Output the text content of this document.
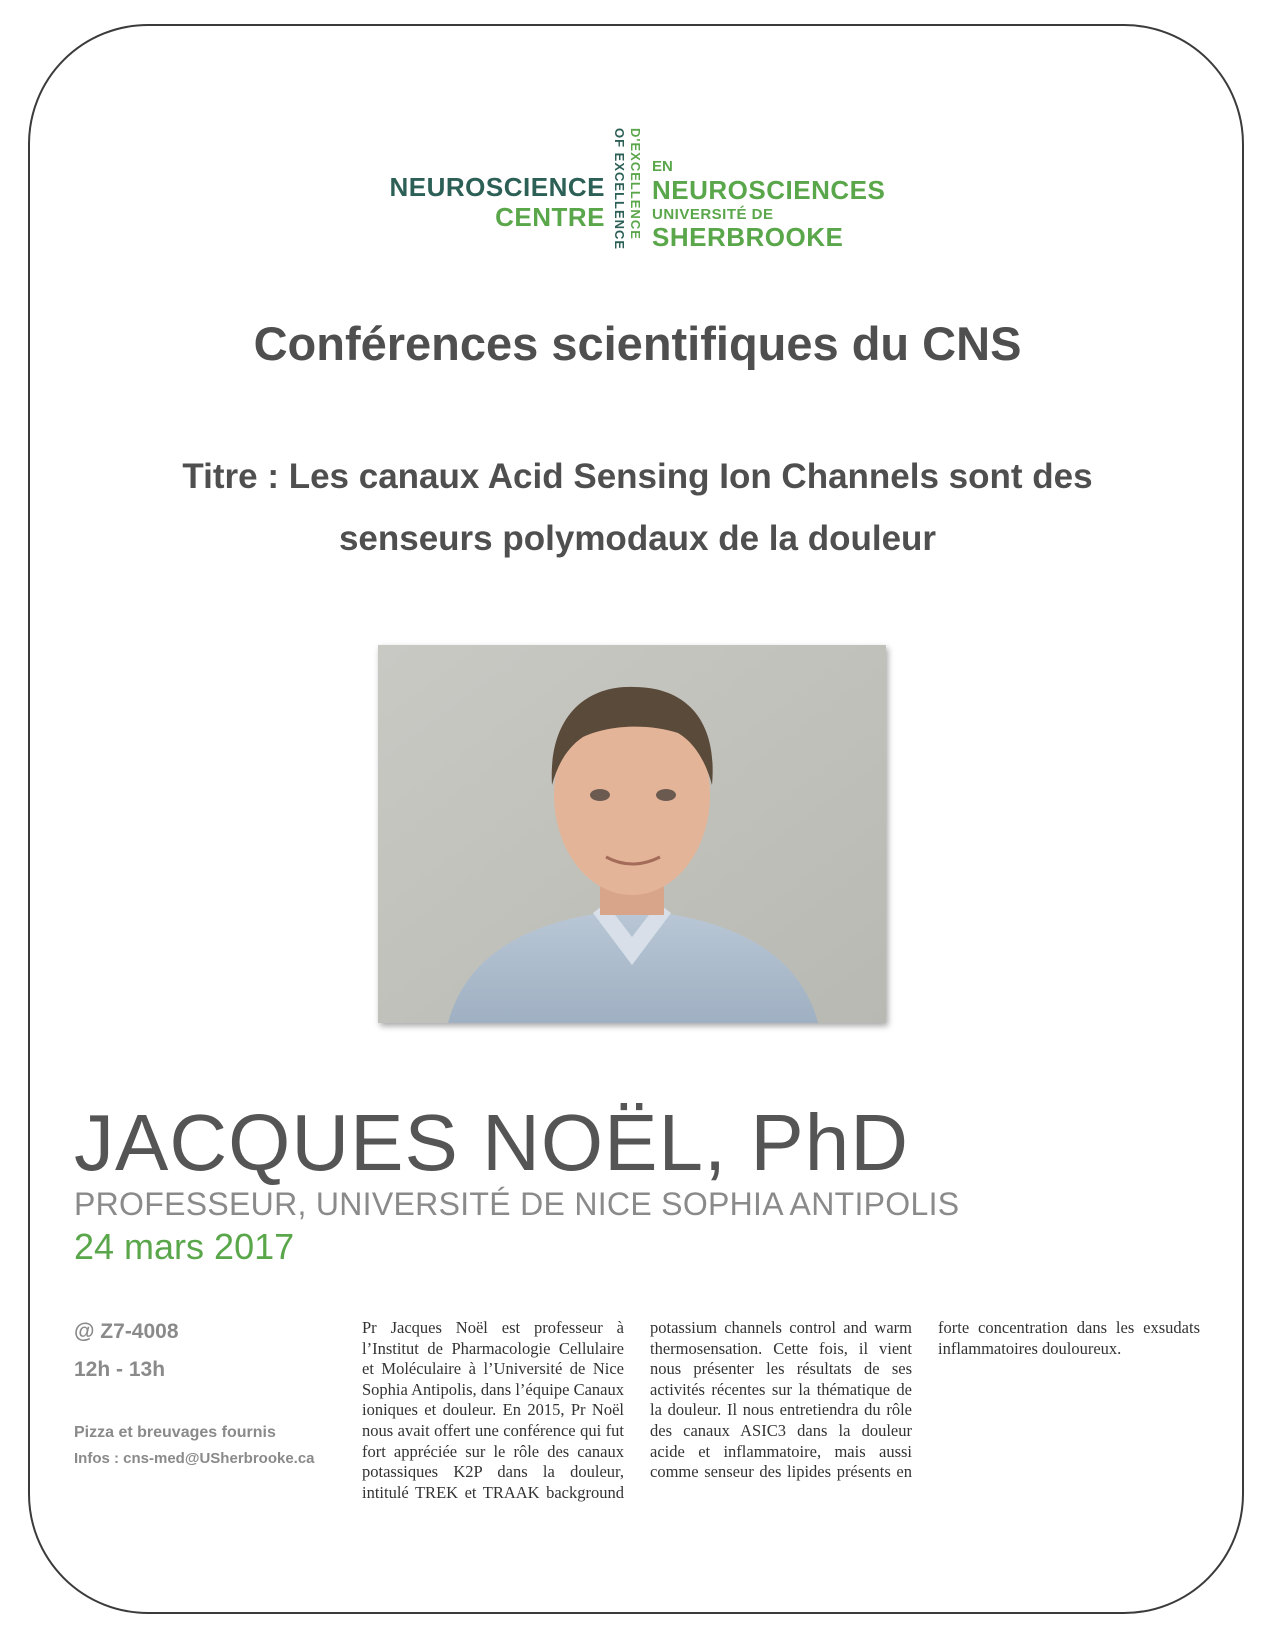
NEUROSCIENCE
CENTRE OF EXCELLENCE D'EXCELLENCE EN
NEUROSCIENCES
UNIVERSITÉ DE
SHERBROOKE
Conférences scientifiques du CNS
Titre : Les canaux Acid Sensing Ion Channels sont des senseurs polymodaux de la douleur
JACQUES NOËL, PhD
PROFESSEUR, UNIVERSITÉ DE NICE SOPHIA ANTIPOLIS
24 mars 2017
@ Z7-4008
12h - 13h
Pizza et breuvages fournis
Infos : cns-med@USherbrooke.ca
Pr Jacques Noël est professeur à l’Institut de Pharmacologie Cellulaire et Moléculaire à l’Université de Nice Sophia Antipolis, dans l’équipe Canaux ioniques et douleur. En 2015, Pr Noël nous avait offert une conférence qui fut fort appréciée sur le rôle des canaux potassiques K2P dans la douleur, intitulé TREK et TRAAK background potassium channels control and warm thermosensation. Cette fois, il vient nous présenter les résultats de ses activités récentes sur la thématique de la douleur. Il nous entretiendra du rôle des canaux ASIC3 dans la douleur acide et inflammatoire, mais aussi comme senseur des lipides présents en forte concentration dans les exsudats inflammatoires douloureux.
